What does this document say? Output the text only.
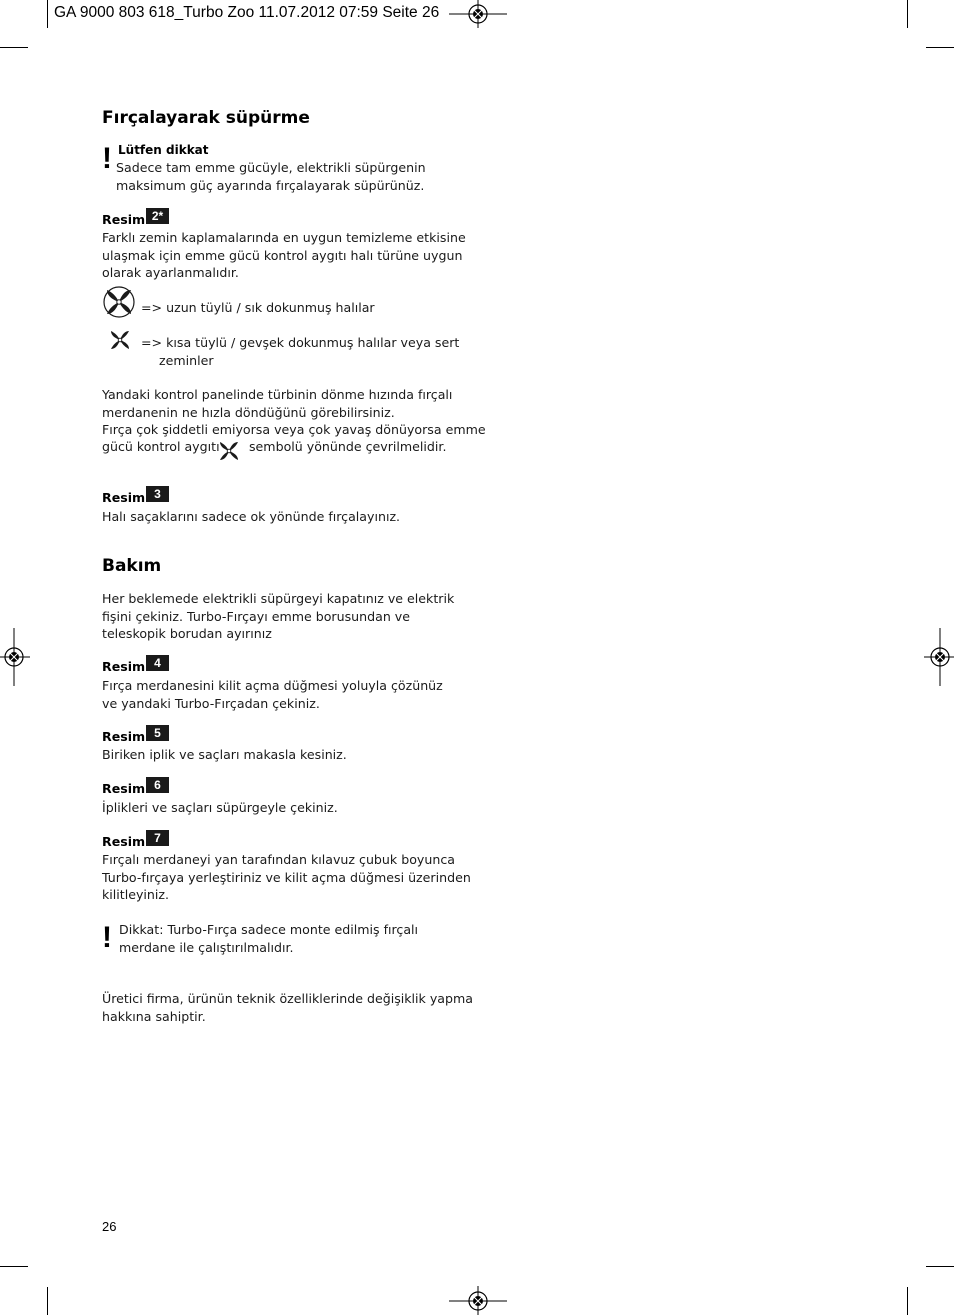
GA 9000 803 618_Turbo Zoo 11.07.2012 07:59 Seite 26
Fırçalayarak süpürme
! Lütfen dikkat
Sadece tam emme gücüyle, elektrikli süpürgenin
maksimum güç ayarında fırçalayarak süpürünüz.
Resim 2*
Farklı zemin kaplamalarında en uygun temizleme etkisine
ulaşmak için emme gücü kontrol aygıtı halı türüne uygun
olarak ayarlanmalıdır.
=> uzun tüylü / sık dokunmuş halılar
=> kısa tüylü / gevşek dokunmuş halılar veya sert
zeminler
Yandaki kontrol panelinde türbinin dönme hızında fırçalı
merdanenin ne hızla döndüğünü görebilirsiniz.
Fırça çok şiddetli emiyorsa veya çok yavaş dönüyorsa emme
gücü kontrol aygıtı sembolü yönünde çevrilmelidir.
Resim 3
Halı saçaklarını sadece ok yönünde fırçalayınız.
Bakım
Her beklemede elektrikli süpürgeyi kapatınız ve elektrik
fişini çekiniz. Turbo-Fırçayı emme borusundan ve
teleskopik borudan ayırınız
Resim 4
Fırça merdanesini kilit açma düğmesi yoluyla çözünüz
ve yandaki Turbo-Fırçadan çekiniz.
Resim 5
Biriken iplik ve saçları makasla kesiniz.
Resim 6
İplikleri ve saçları süpürgeyle çekiniz.
Resim 7
Fırçalı merdaneyi yan tarafından kılavuz çubuk boyunca
Turbo-fırçaya yerleştiriniz ve kilit açma düğmesi üzerinden
kilitleyiniz.
! Dikkat: Turbo-Fırça sadece monte edilmiş fırçalı
merdane ile çalıştırılmalıdır.
Üretici firma, ürünün teknik özelliklerinde değişiklik yapma
hakkına sahiptir.
26
